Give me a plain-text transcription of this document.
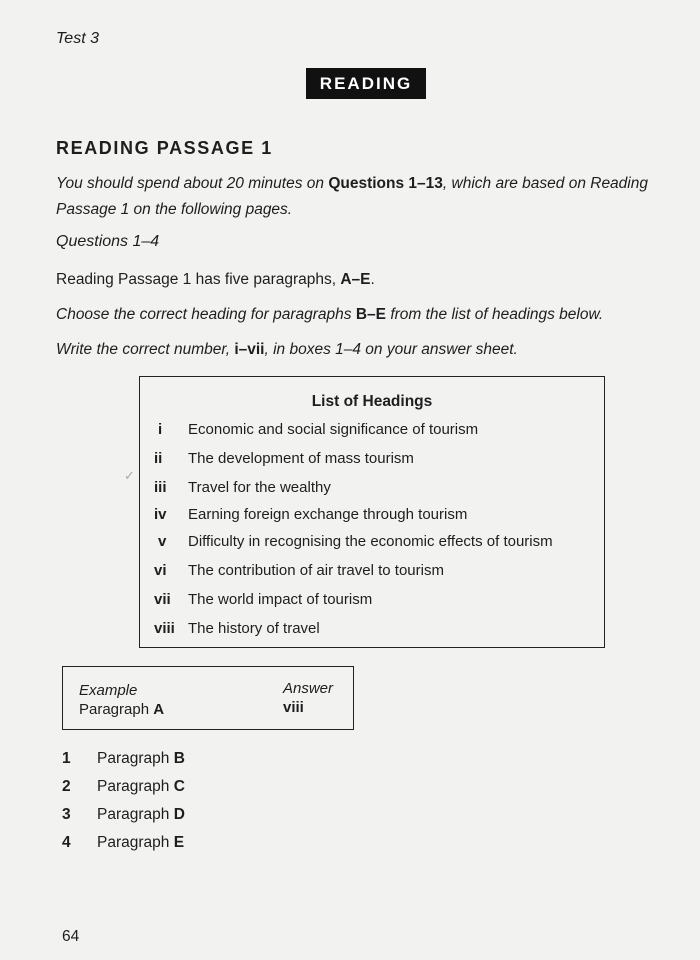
Test 3
READING
READING PASSAGE 1

You should spend about 20 minutes on Questions 1–13, which are based on Reading Passage 1 on the following pages.

Questions 1–4

Reading Passage 1 has five paragraphs, A–E.

Choose the correct heading for paragraphs B–E from the list of headings below.

Write the correct number, i–vii, in boxes 1–4 on your answer sheet.

List of Headings
i Economic and social significance of tourism
ii The development of mass tourism
iii Travel for the wealthy
iv Earning foreign exchange through tourism
v Difficulty in recognising the economic effects of tourism
vi The contribution of air travel to tourism
vii The world impact of tourism
viii The history of travel
✓
Example
Paragraph A
Answer
viii
1 Paragraph B
2 Paragraph C
3 Paragraph D
4 Paragraph E
64
